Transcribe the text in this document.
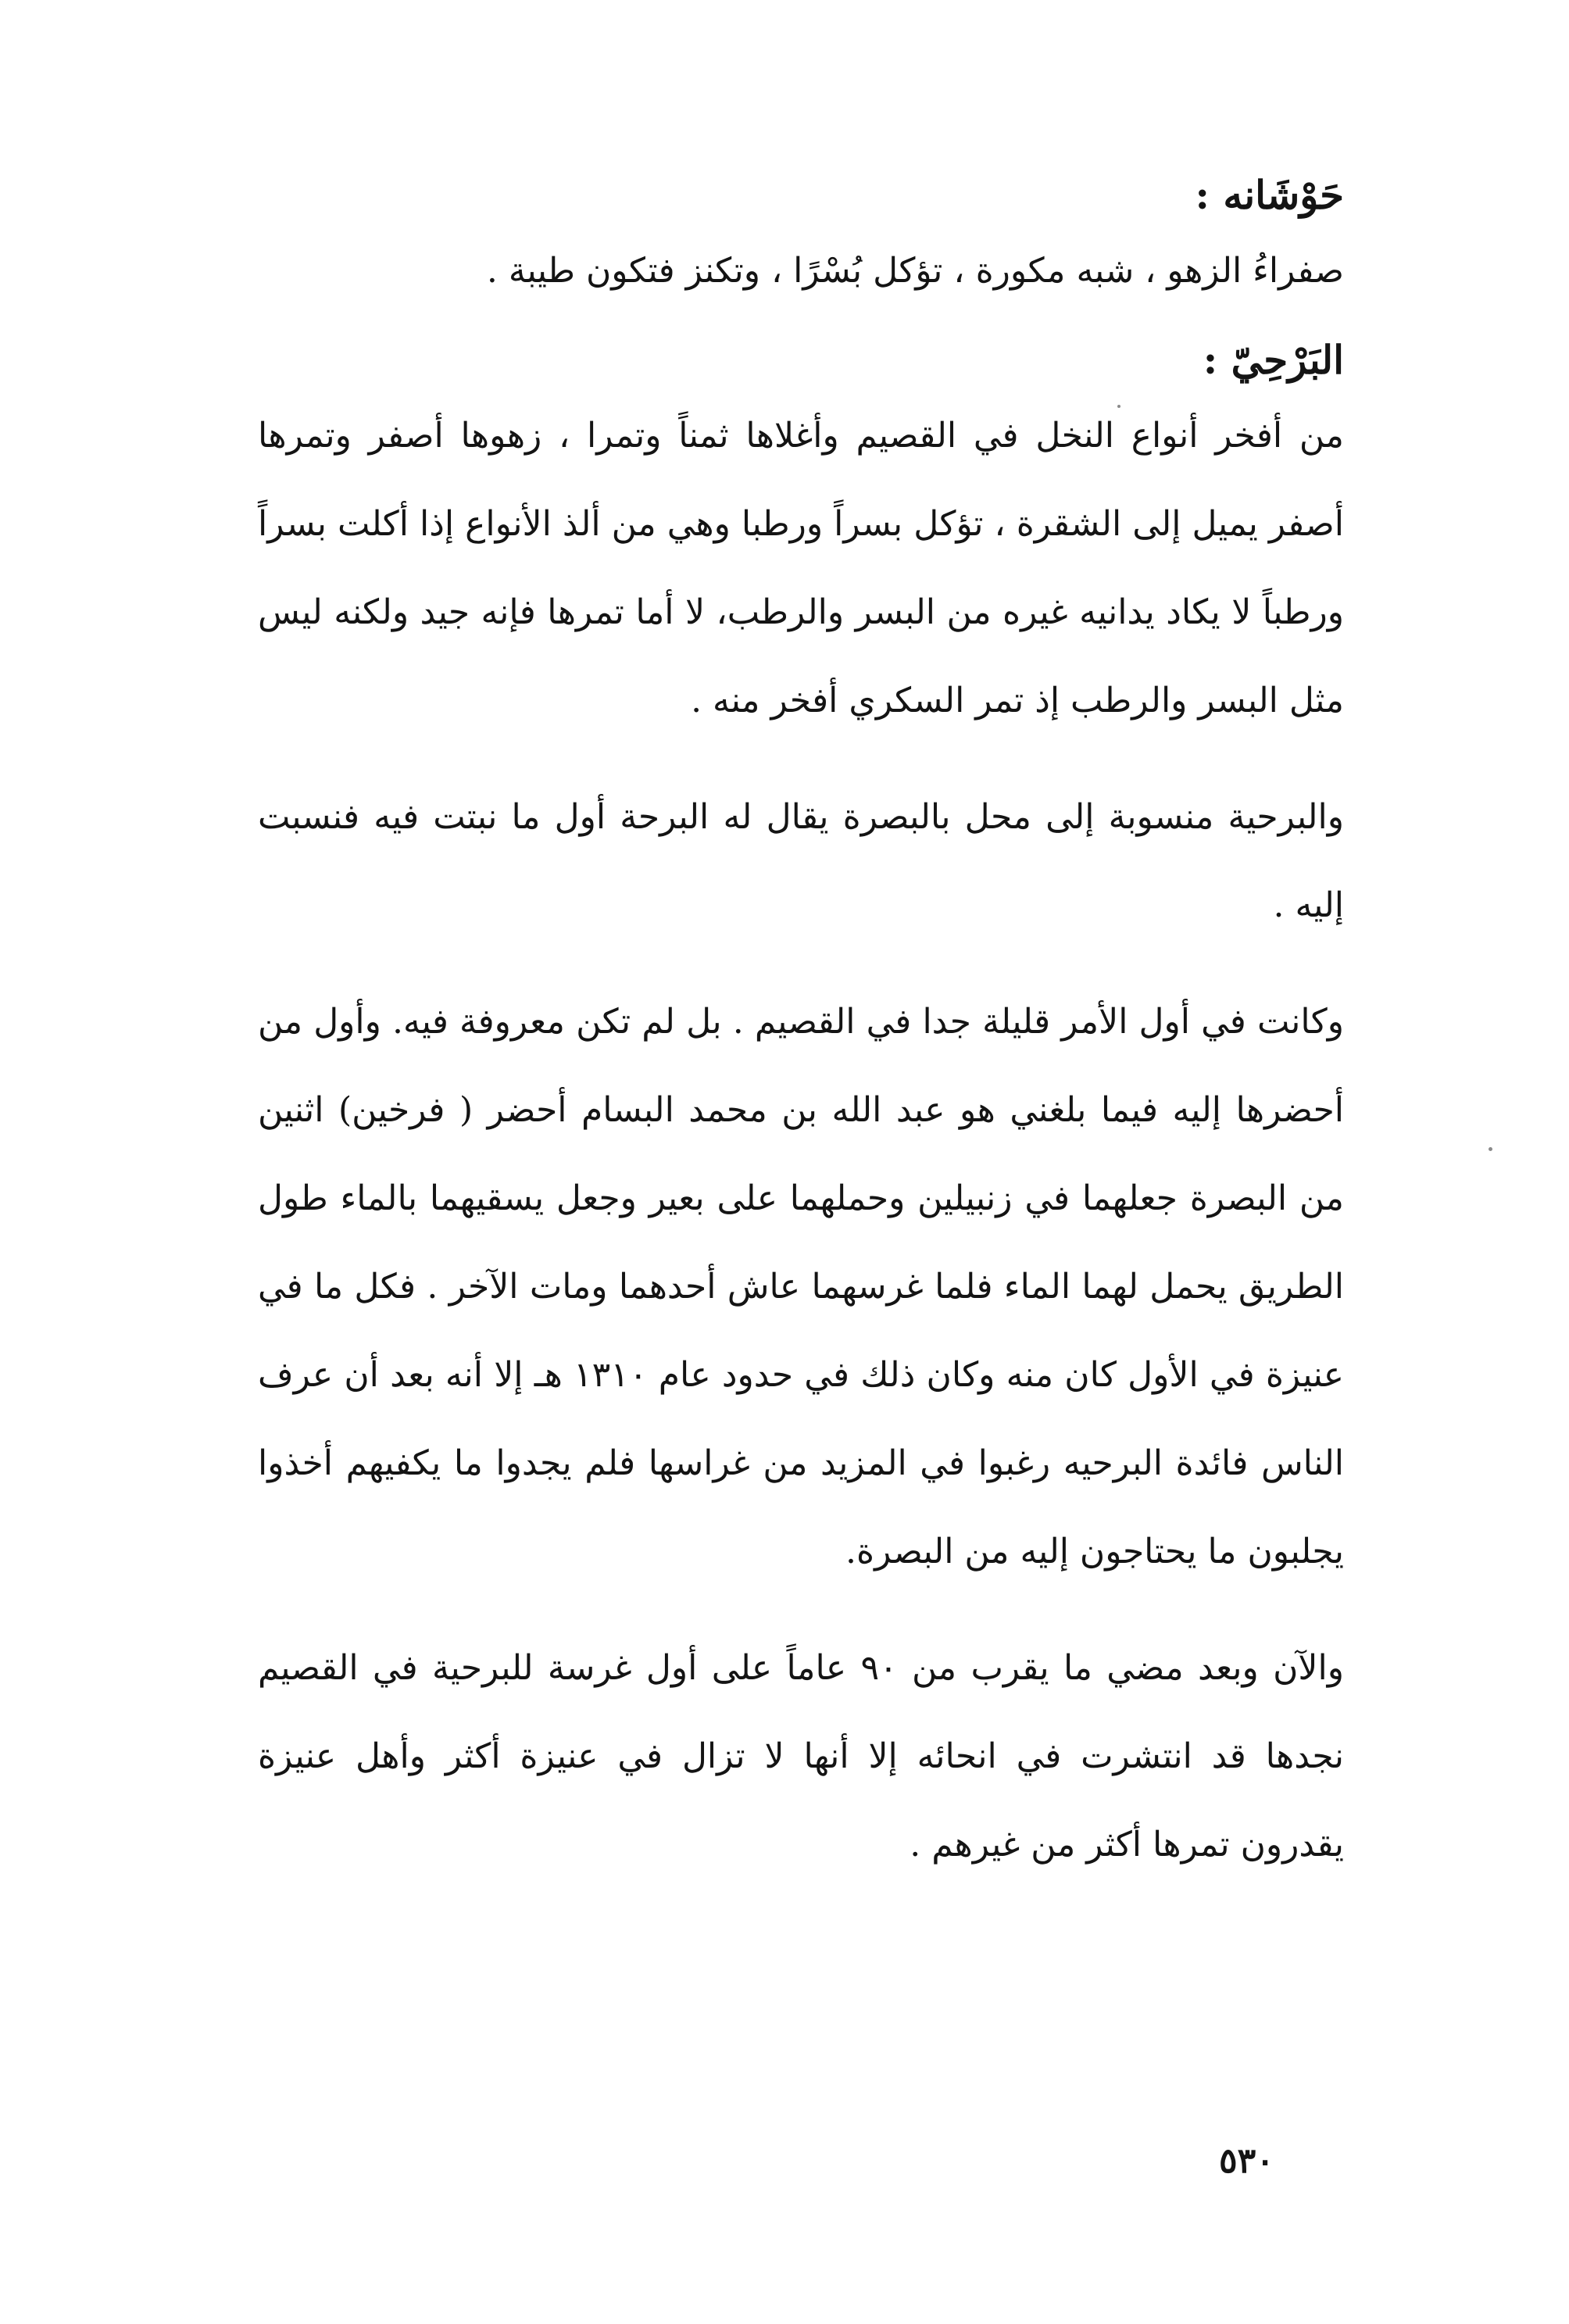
حَوْشَانه :

صفراءُ الزهو ، شبه مكورة ، تؤكل بُسْرًا ، وتكنز فتكون طيبة .

البَرْحِيّ :

من أفخر أنواع النخل في القصيم وأغلاها ثمناً وتمرا ، زهوها أصفر وتمرها أصفر يميل إلى الشقرة ، تؤكل بسراً ورطبا وهي من ألذ الأنواع إذا أكلت بسراً ورطباً لا يكاد يدانيه غيره من البسر والرطب، لا أما تمرها فإنه جيد ولكنه ليس مثل البسر والرطب إذ تمر السكري أفخر منه .

والبرحية منسوبة إلى محل بالبصرة يقال له البرحة أول ما نبتت فيه فنسبت إليه .

وكانت في أول الأمر قليلة جدا في القصيم . بل لم تكن معروفة فيه. وأول من أحضرها إليه فيما بلغني هو عبد الله بن محمد البسام أحضر ( فرخين) اثنين من البصرة جعلهما في زنبيلين وحملهما على بعير وجعل يسقيهما بالماء طول الطريق يحمل لهما الماء فلما غرسهما عاش أحدهما ومات الآخر . فكل ما في عنيزة في الأول كان منه وكان ذلك في حدود عام ١٣١٠ هـ إلا أنه بعد أن عرف الناس فائدة البرحيه رغبوا في المزيد من غراسها فلم يجدوا ما يكفيهم أخذوا يجلبون ما يحتاجون إليه من البصرة.

والآن وبعد مضي ما يقرب من ٩٠ عاماً على أول غرسة للبرحية في القصيم نجدها قد انتشرت في انحائه إلا أنها لا تزال في عنيزة أكثر وأهل عنيزة يقدرون تمرها أكثر من غيرهم .

٥٣٠
